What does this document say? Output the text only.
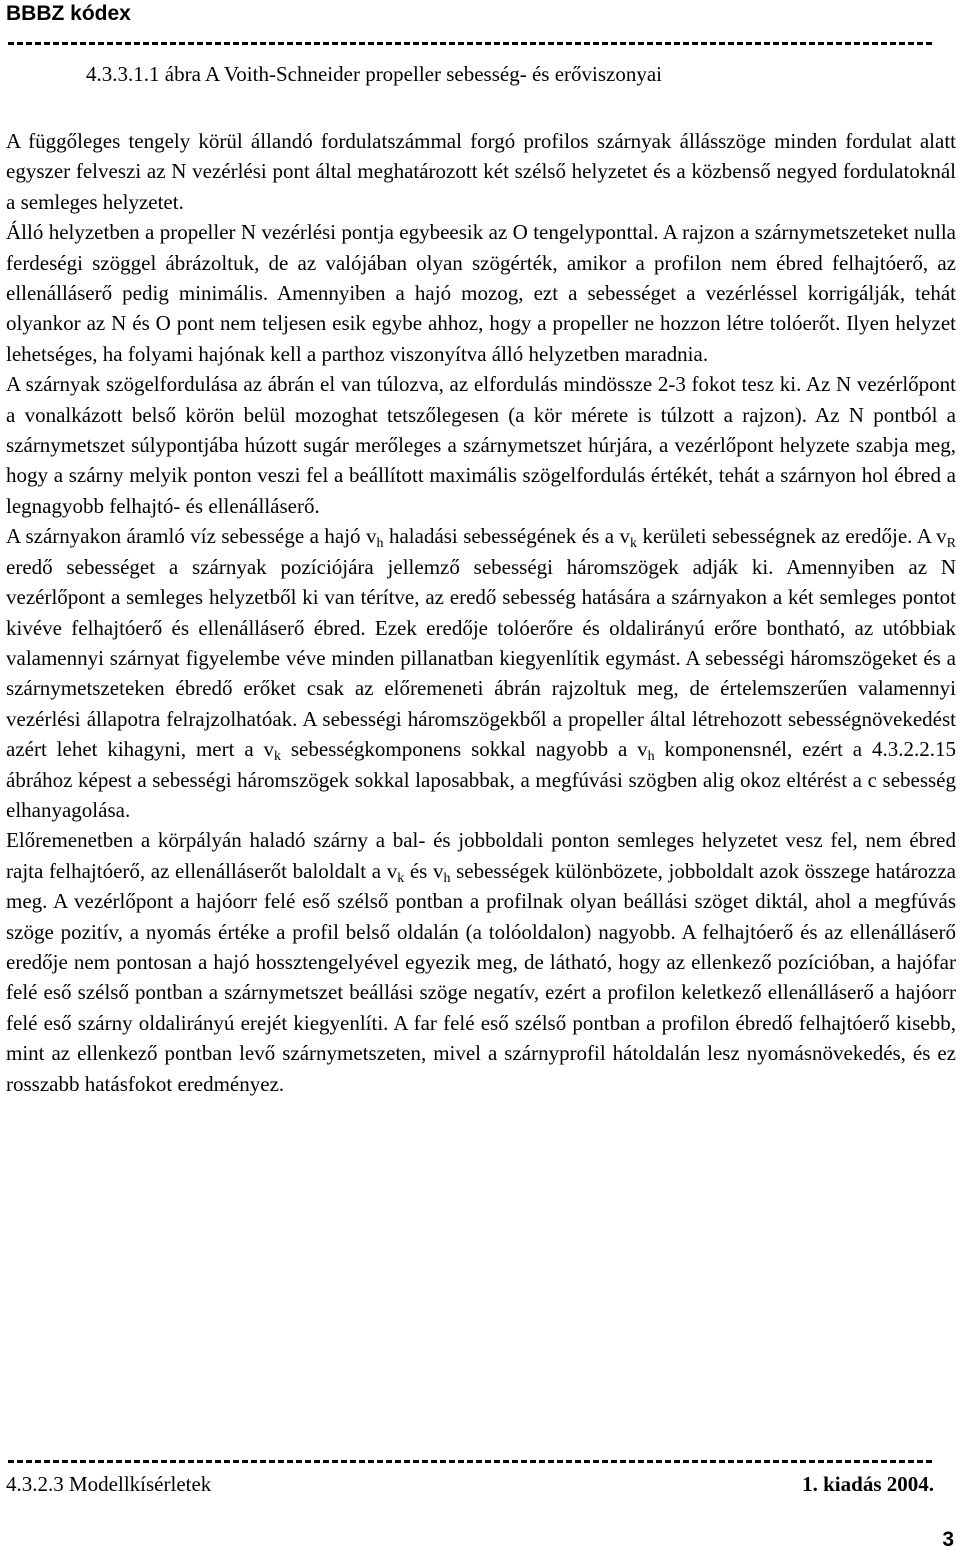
BBBZ kódex
4.3.3.1.1 ábra A Voith-Schneider propeller sebesség- és erőviszonyai

A függőleges tengely körül állandó fordulatszámmal forgó profilos szárnyak állásszöge minden fordulat alatt egyszer felveszi az N vezérlési pont által meghatározott két szélső helyzetet és a közbenső negyed fordulatoknál a semleges helyzetet.

Álló helyzetben a propeller N vezérlési pontja egybeesik az O tengelyponttal. A rajzon a szárnymetszeteket nulla ferdeségi szöggel ábrázoltuk, de az valójában olyan szögérték, amikor a profilon nem ébred felhajtóerő, az ellenálláserő pedig minimális. Amennyiben a hajó mozog, ezt a sebességet a vezérléssel korrigálják, tehát olyankor az N és O pont nem teljesen esik egybe ahhoz, hogy a propeller ne hozzon létre tolóerőt. Ilyen helyzet lehetséges, ha folyami hajónak kell a parthoz viszonyítva álló helyzetben maradnia.

A szárnyak szögelfordulása az ábrán el van túlozva, az elfordulás mindössze 2-3 fokot tesz ki. Az N vezérlőpont a vonalkázott belső körön belül mozoghat tetszőlegesen (a kör mérete is túlzott a rajzon). Az N pontból a szárnymetszet súlypontjába húzott sugár merőleges a szárnymetszet húrjára, a vezérlőpont helyzete szabja meg, hogy a szárny melyik ponton veszi fel a beállított maximális szögelfordulás értékét, tehát a szárnyon hol ébred a legnagyobb felhajtó- és ellenálláserő.

A szárnyakon áramló víz sebessége a hajó $v_h$ haladási sebességének és a $v_k$ kerületi sebességnek az eredője. A $v_R$ eredő sebességet a szárnyak pozíciójára jellemző sebességi háromszögek adják ki. Amennyiben az N vezérlőpont a semleges helyzetből ki van térítve, az eredő sebesség hatására a szárnyakon a két semleges pontot kivéve felhajtóerő és ellenálláserő ébred. Ezek eredője tolóerőre és oldalirányú erőre bontható, az utóbbiak valamennyi szárnyat figyelembe véve minden pillanatban kiegyenlítik egymást. A sebességi háromszögeket és a szárnymetszeteken ébredő erőket csak az előremeneti ábrán rajzoltuk meg, de értelemszerűen valamennyi vezérlési állapotra felrajzolhatóak. A sebességi háromszögekből a propeller által létrehozott sebességnövekedést azért lehet kihagyni, mert a $v_k$ sebességkomponens sokkal nagyobb a $v_h$ komponensnél, ezért a 4.3.2.2.15 ábrához képest a sebességi háromszögek sokkal laposabbak, a megfúvási szögben alig okoz eltérést a c sebesség elhanyagolása.

Előremenetben a körpályán haladó szárny a bal- és jobboldali ponton semleges helyzetet vesz fel, nem ébred rajta felhajtóerő, az ellenálláserőt baloldalt a $v_k$ és $v_h$ sebességek különbözete, jobboldalt azok összege határozza meg. A vezérlőpont a hajóorr felé eső szélső pontban a profilnak olyan beállási szöget diktál, ahol a megfúvás szöge pozitív, a nyomás értéke a profil belső oldalán (a tolóoldalon) nagyobb. A felhajtóerő és az ellenálláserő eredője nem pontosan a hajó hossztengelyével egyezik meg, de látható, hogy az ellenkező pozícióban, a hajófar felé eső szélső pontban a szárnymetszet beállási szöge negatív, ezért a profilon keletkező ellenálláserő a hajóorr felé eső szárny oldalirányú erejét kiegyenlíti. A far felé eső szélső pontban a profilon ébredő felhajtóerő kisebb, mint az ellenkező pontban levő szárnymetszeten, mivel a szárnyprofil hátoldalán lesz nyomásnövekedés, és ez rosszabb hatásfokot eredményez.

4.3.2.3 Modellkísérletek	1. kiadás 2004.
3
